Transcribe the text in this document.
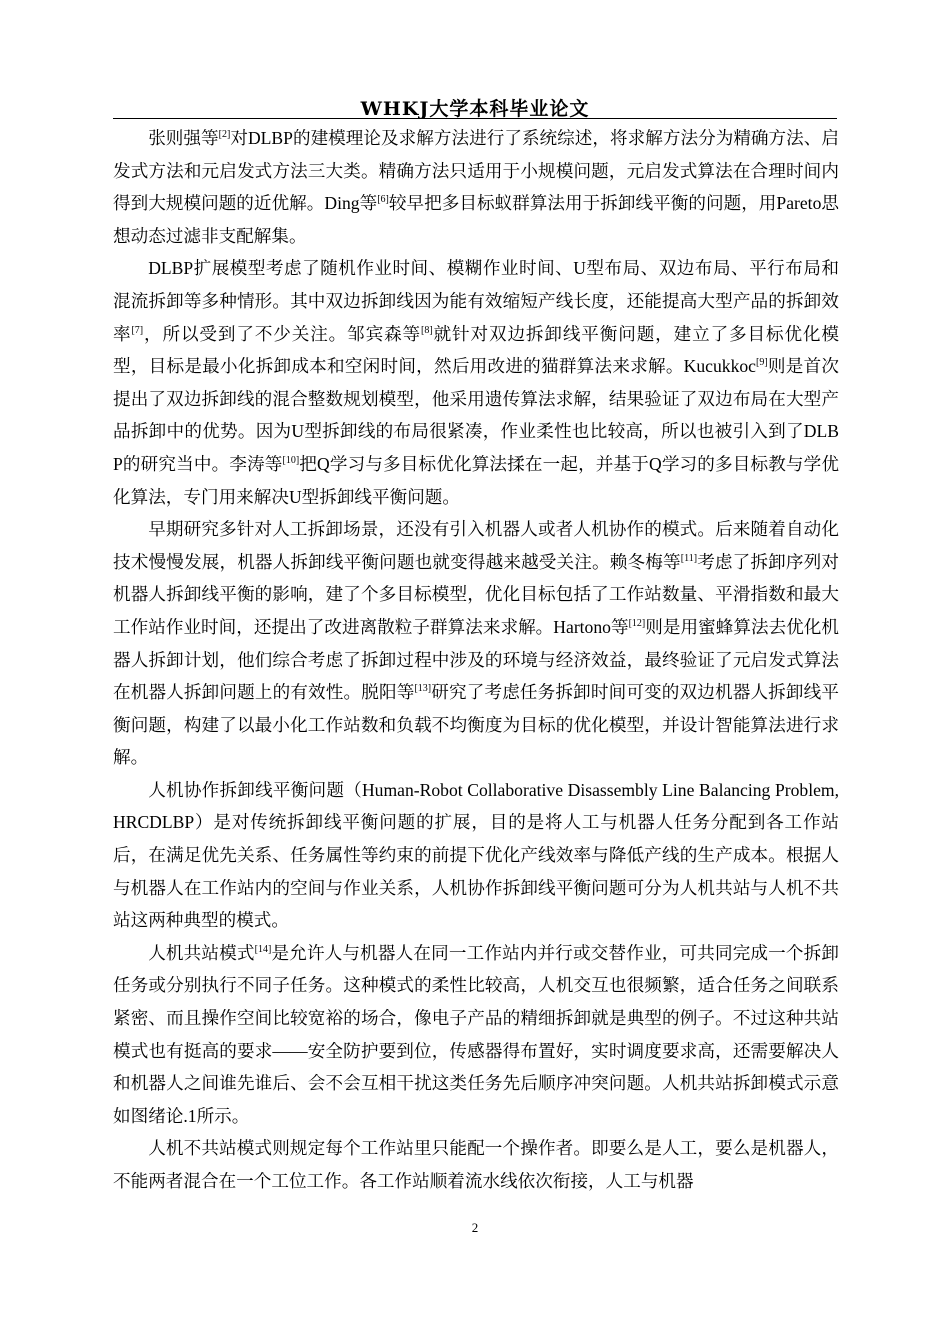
WHKJ大学本科毕业论文

张则强等[2]对DLBP的建模理论及求解方法进行了系统综述，将求解方法分为精确方法、启发式方法和元启发式方法三大类。精确方法只适用于小规模问题，元启发式算法在合理时间内得到大规模问题的近优解。Ding等[6]较早把多目标蚁群算法用于拆卸线平衡的问题，用Pareto思想动态过滤非支配解集。

DLBP扩展模型考虑了随机作业时间、模糊作业时间、U型布局、双边布局、平行布局和混流拆卸等多种情形。其中双边拆卸线因为能有效缩短产线长度，还能提高大型产品的拆卸效率[7]，所以受到了不少关注。邹宾森等[8]就针对双边拆卸线平衡问题，建立了多目标优化模型，目标是最小化拆卸成本和空闲时间，然后用改进的猫群算法来求解。Kucukkoc[9]则是首次提出了双边拆卸线的混合整数规划模型，他采用遗传算法求解，结果验证了双边布局在大型产品拆卸中的优势。因为U型拆卸线的布局很紧凑，作业柔性也比较高，所以也被引入到了DLBP的研究当中。李涛等[10]把Q学习与多目标优化算法揉在一起，并基于Q学习的多目标教与学优化算法，专门用来解决U型拆卸线平衡问题。

早期研究多针对人工拆卸场景，还没有引入机器人或者人机协作的模式。后来随着自动化技术慢慢发展，机器人拆卸线平衡问题也就变得越来越受关注。赖冬梅等[11]考虑了拆卸序列对机器人拆卸线平衡的影响，建了个多目标模型，优化目标包括了工作站数量、平滑指数和最大工作站作业时间，还提出了改进离散粒子群算法来求解。Hartono等[12]则是用蜜蜂算法去优化机器人拆卸计划，他们综合考虑了拆卸过程中涉及的环境与经济效益，最终验证了元启发式算法在机器人拆卸问题上的有效性。脱阳等[13]研究了考虑任务拆卸时间可变的双边机器人拆卸线平衡问题，构建了以最小化工作站数和负载不均衡度为目标的优化模型，并设计智能算法进行求解。

人机协作拆卸线平衡问题（Human-Robot Collaborative Disassembly Line Balancing Problem, HRCDLBP）是对传统拆卸线平衡问题的扩展，目的是将人工与机器人任务分配到各工作站后，在满足优先关系、任务属性等约束的前提下优化产线效率与降低产线的生产成本。根据人与机器人在工作站内的空间与作业关系，人机协作拆卸线平衡问题可分为人机共站与人机不共站这两种典型的模式。

人机共站模式[14]是允许人与机器人在同一工作站内并行或交替作业，可共同完成一个拆卸任务或分别执行不同子任务。这种模式的柔性比较高，人机交互也很频繁，适合任务之间联系紧密、而且操作空间比较宽裕的场合，像电子产品的精细拆卸就是典型的例子。不过这种共站模式也有挺高的要求——安全防护要到位，传感器得布置好，实时调度要求高，还需要解决人和机器人之间谁先谁后、会不会互相干扰这类任务先后顺序冲突问题。人机共站拆卸模式示意如图绪论.1所示。

人机不共站模式则规定每个工作站里只能配一个操作者。即要么是人工，要么是机器人，不能两者混合在一个工位工作。各工作站顺着流水线依次衔接，人工与机器

2
